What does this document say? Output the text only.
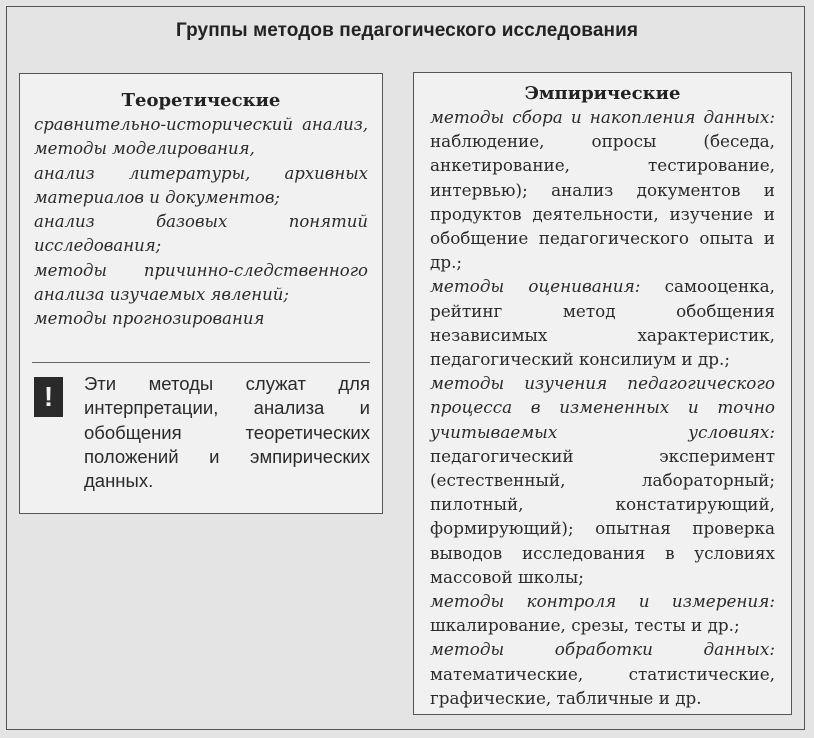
Группы методов педагогического исследования
Теоретические
сравнительно-исторический анализ, методы моделирования,
анализ литературы, архивных материалов и документов;
анализ базовых понятий исследования;
методы причинно-следственного анализа изучаемых явлений;
методы прогнозирования
!	Эти методы служат для интерпретации, анализа и обобщения теоретических положений и эмпирических данных.
Эмпирические
методы сбора и накопления данных:наблюдение, опросы (беседа, анкетирование, тестирование, интервью); анализ документов и продуктов деятельности, изучение и обобщение педагогического опыта и др.;
методы оценивания: самооценка, рейтинг метод обобщения независимых характеристик, педагогический консилиум и др.;
методы изучения педагогического процесса в измененных и точно учитываемых условиях:педагогический эксперимент (естественный, лабораторный; пилотный, констатирующий, формирующий); опытная проверка выводов исследования в условиях массовой школы;
методы контроля и измерения:шкалирование, срезы, тесты и др.;
методы обработки данных:математические, статистические, графические, табличные и др.
